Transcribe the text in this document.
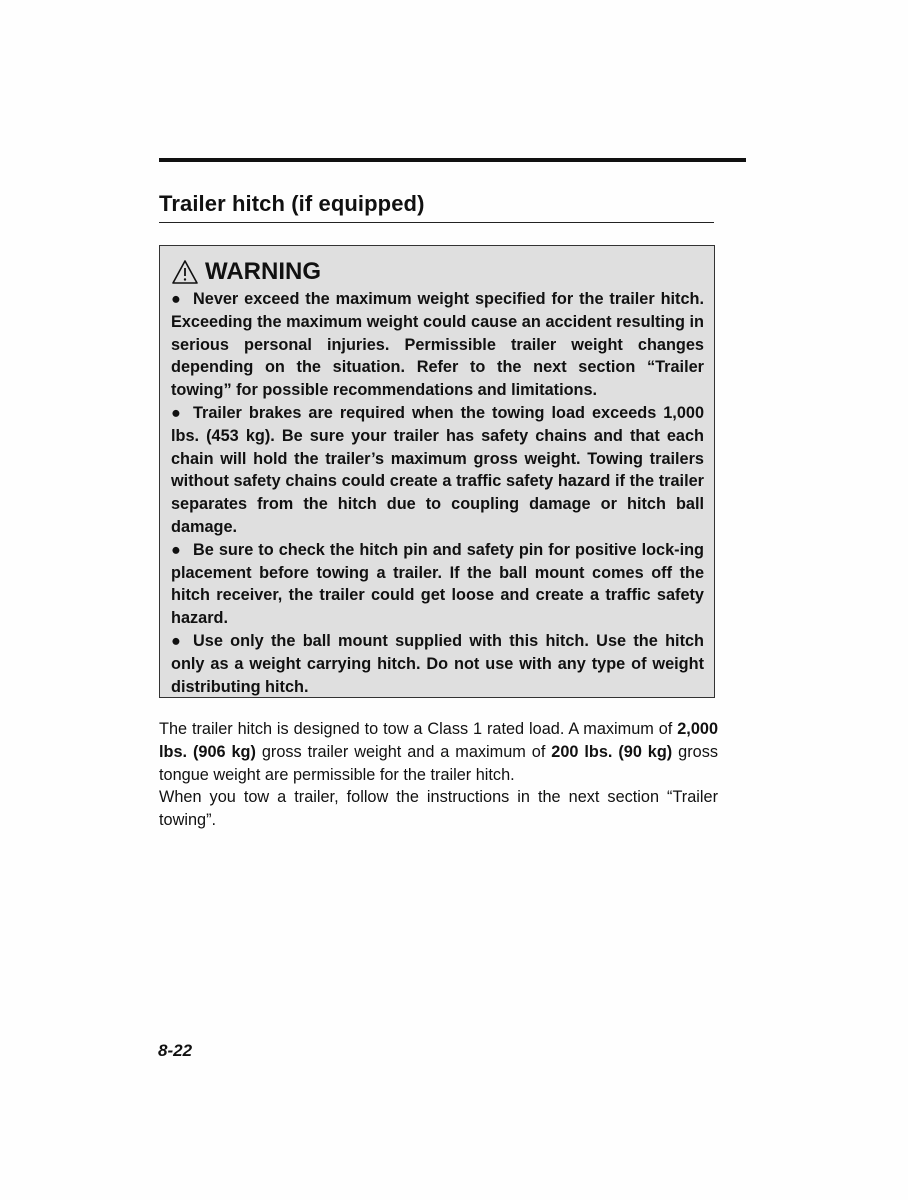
Trailer hitch (if equipped)
WARNING
● Never exceed the maximum weight specified for the trailer hitch. Exceeding the maximum weight could cause an accident resulting in serious personal injuries. Permissible trailer weight changes depending on the situation. Refer to the next section “Trailer towing” for possible recommendations and limitations.
● Trailer brakes are required when the towing load exceeds 1,000 lbs. (453 kg). Be sure your trailer has safety chains and that each chain will hold the trailer’s maximum gross weight. Towing trailers without safety chains could create a traffic safety hazard if the trailer separates from the hitch due to coupling damage or hitch ball damage.
● Be sure to check the hitch pin and safety pin for positive lock-ing placement before towing a trailer. If the ball mount comes off the hitch receiver, the trailer could get loose and create a traffic safety hazard.
● Use only the ball mount supplied with this hitch. Use the hitch only as a weight carrying hitch. Do not use with any type of weight distributing hitch.

The trailer hitch is designed to tow a Class 1 rated load. A maximum of 2,000 lbs. (906 kg) gross trailer weight and a maximum of 200 lbs. (90 kg) gross tongue weight are permissible for the trailer hitch.

When you tow a trailer, follow the instructions in the next section “Trailer towing”.

8-22
